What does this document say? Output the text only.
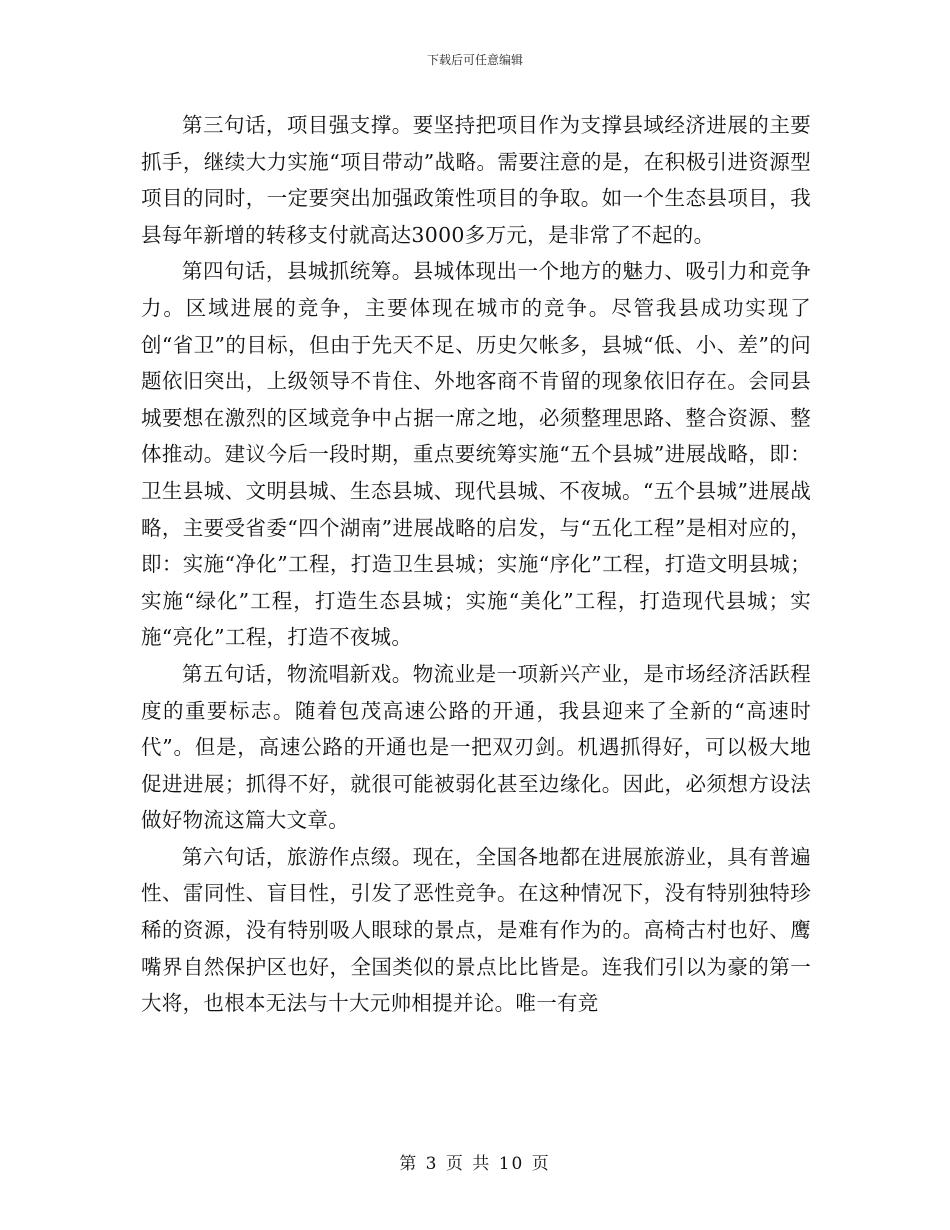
下载后可任意编辑

第三句话，项目强支撑。要坚持把项目作为支撑县域经济进展的主要抓手，继续大力实施“项目带动”战略。需要注意的是，在积极引进资源型项目的同时，一定要突出加强政策性项目的争取。如一个生态县项目，我县每年新增的转移支付就高达3000多万元，是非常了不起的。

第四句话，县城抓统筹。县城体现出一个地方的魅力、吸引力和竞争力。区域进展的竞争，主要体现在城市的竞争。尽管我县成功实现了创“省卫”的目标，但由于先天不足、历史欠帐多，县城“低、小、差”的问题依旧突出，上级领导不肯住、外地客商不肯留的现象依旧存在。会同县城要想在激烈的区域竞争中占据一席之地，必须整理思路、整合资源、整体推动。建议今后一段时期，重点要统筹实施“五个县城”进展战略，即：卫生县城、文明县城、生态县城、现代县城、不夜城。“五个县城”进展战略，主要受省委“四个湖南”进展战略的启发，与“五化工程”是相对应的，即：实施“净化”工程，打造卫生县城；实施“序化”工程，打造文明县城；实施“绿化”工程，打造生态县城；实施“美化”工程，打造现代县城；实施“亮化”工程，打造不夜城。

第五句话，物流唱新戏。物流业是一项新兴产业，是市场经济活跃程度的重要标志。随着包茂高速公路的开通，我县迎来了全新的“高速时代”。但是，高速公路的开通也是一把双刃剑。机遇抓得好，可以极大地促进进展；抓得不好，就很可能被弱化甚至边缘化。因此，必须想方设法做好物流这篇大文章。

第六句话，旅游作点缀。现在，全国各地都在进展旅游业，具有普遍性、雷同性、盲目性，引发了恶性竞争。在这种情况下，没有特别独特珍稀的资源，没有特别吸人眼球的景点，是难有作为的。高椅古村也好、鹰嘴界自然保护区也好，全国类似的景点比比皆是。连我们引以为豪的第一大将，也根本无法与十大元帅相提并论。唯一有竞

第 3 页 共 10 页
